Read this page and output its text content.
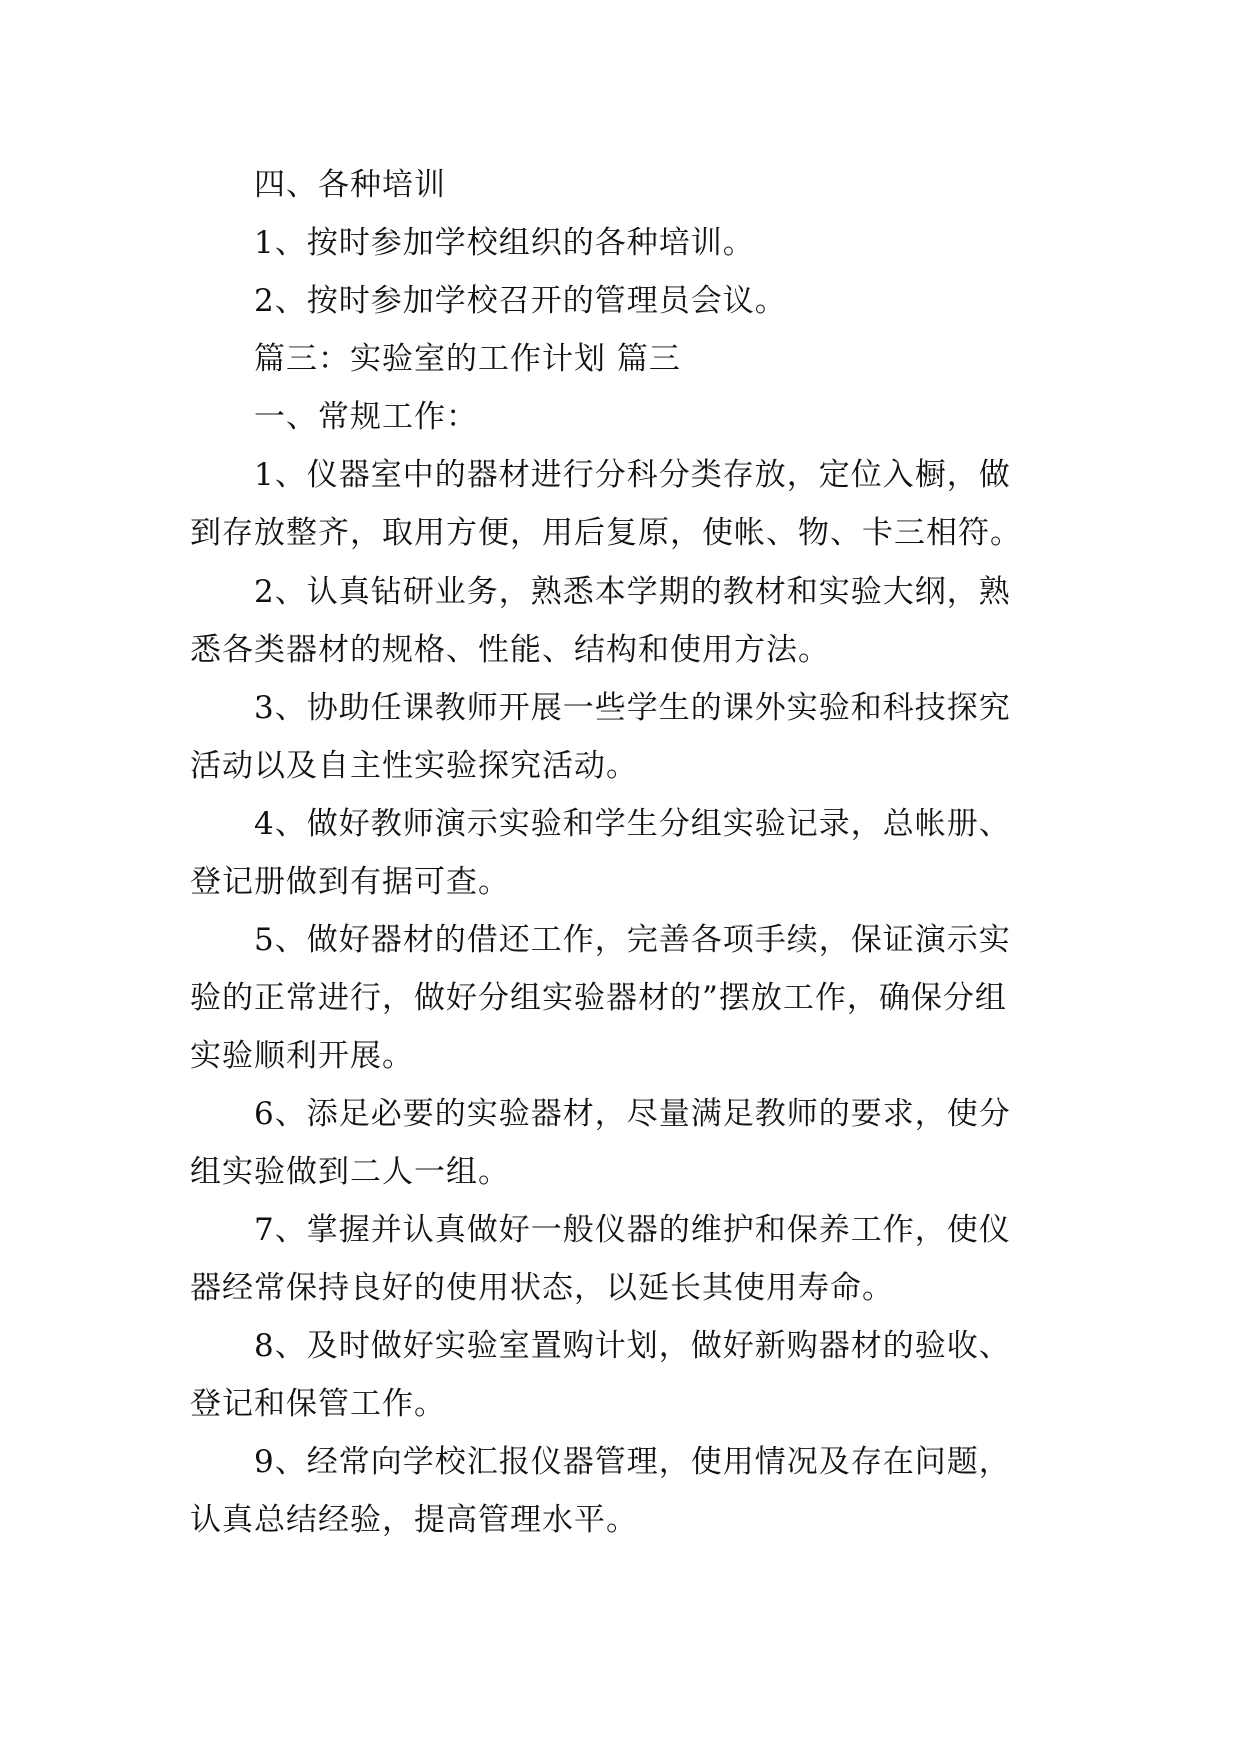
四、各种培训
1、按时参加学校组织的各种培训。
2、按时参加学校召开的管理员会议。
篇三：实验室的工作计划 篇三
一、常规工作：
1、仪器室中的器材进行分科分类存放，定位入橱，做
到存放整齐，取用方便，用后复原，使帐、物、卡三相符。
2、认真钻研业务，熟悉本学期的教材和实验大纲，熟
悉各类器材的规格、性能、结构和使用方法。
3、协助任课教师开展一些学生的课外实验和科技探究
活动以及自主性实验探究活动。
4、做好教师演示实验和学生分组实验记录，总帐册、
登记册做到有据可查。
5、做好器材的借还工作，完善各项手续，保证演示实
验的正常进行，做好分组实验器材的”摆放工作，确保分组
实验顺利开展。
6、添足必要的实验器材，尽量满足教师的要求，使分
组实验做到二人一组。
7、掌握并认真做好一般仪器的维护和保养工作，使仪
器经常保持良好的使用状态，以延长其使用寿命。
8、及时做好实验室置购计划，做好新购器材的验收、
登记和保管工作。
9、经常向学校汇报仪器管理，使用情况及存在问题，
认真总结经验，提高管理水平。
